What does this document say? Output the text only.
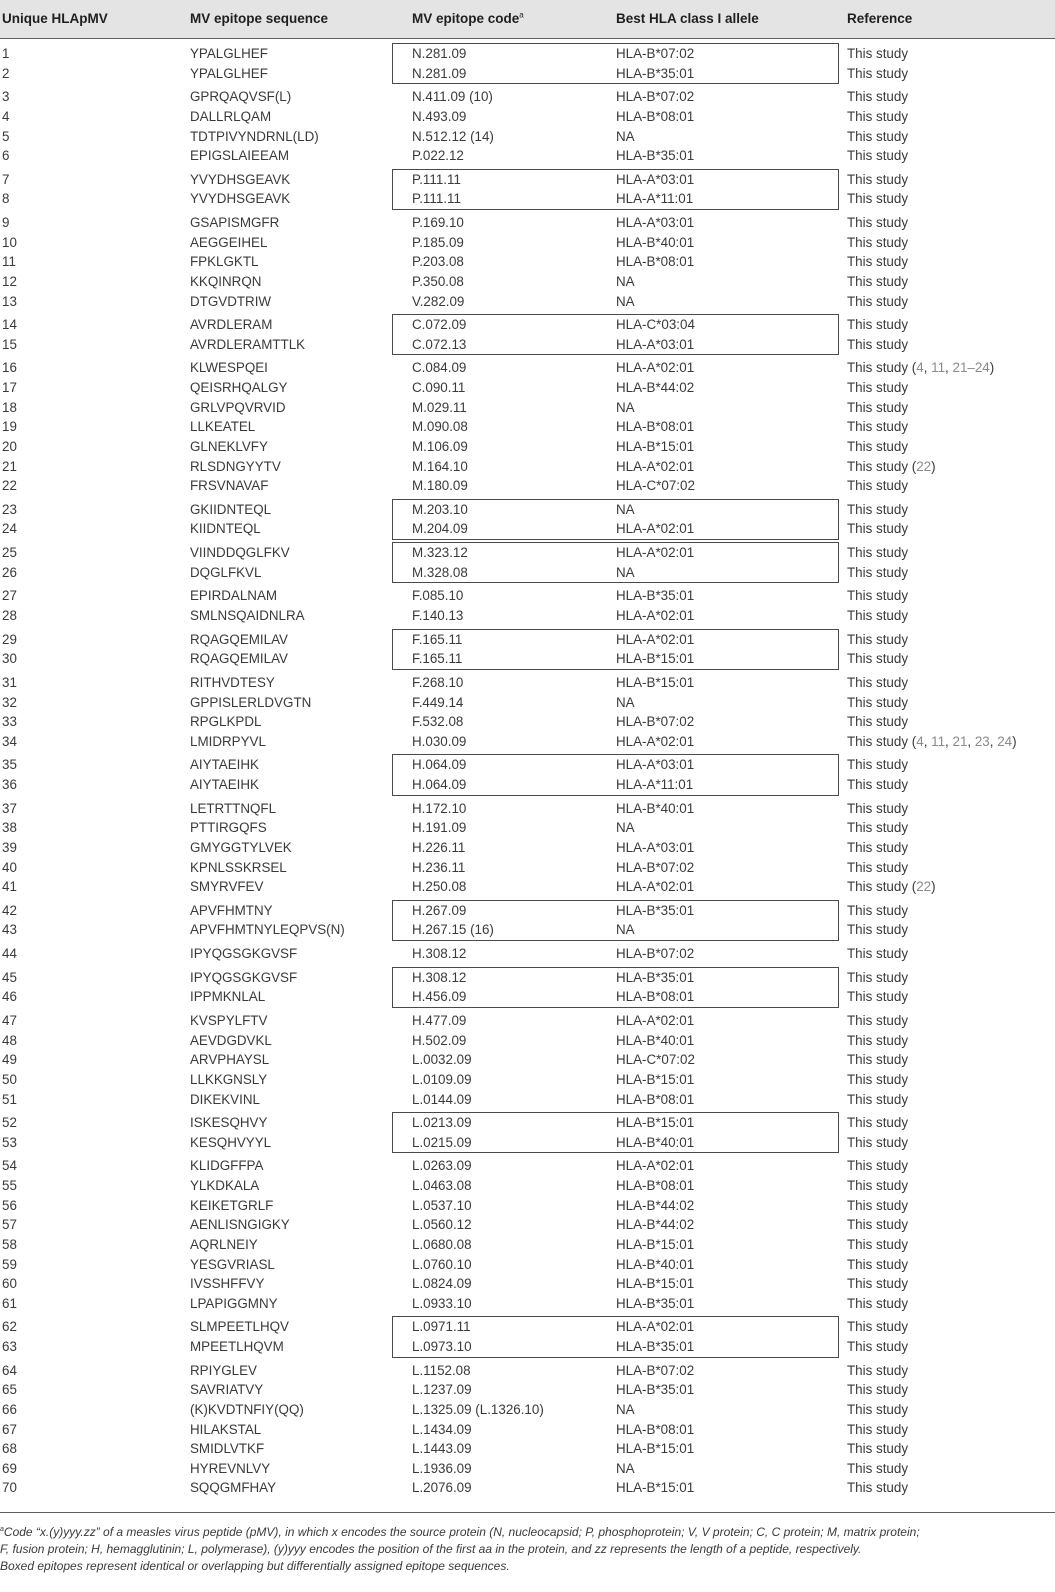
Unique HLApMV	MV epitope sequence	MV epitope code$^a$	Best HLA class I allele	Reference
1	YPALGLHEF	N.281.09	HLA-B*07:02	This study
2	YPALGLHEF	N.281.09	HLA-B*35:01	This study
3	GPRQAQVSF(L)	N.411.09 (10)	HLA-B*07:02	This study
4	DALLRLQAM	N.493.09	HLA-B*08:01	This study
5	TDTPIVYNDRNL(LD)	N.512.12 (14)	NA	This study
6	EPIGSLAIEEAM	P.022.12	HLA-B*35:01	This study
7	YVYDHSGEAVK	P.111.11	HLA-A*03:01	This study
8	YVYDHSGEAVK	P.111.11	HLA-A*11:01	This study
9	GSAPISMGFR	P.169.10	HLA-A*03:01	This study
10	AEGGEIHEL	P.185.09	HLA-B*40:01	This study
11	FPKLGKTL	P.203.08	HLA-B*08:01	This study
12	KKQINRQN	P.350.08	NA	This study
13	DTGVDTRIW	V.282.09	NA	This study
14	AVRDLERAM	C.072.09	HLA-C*03:04	This study
15	AVRDLERAMTTLK	C.072.13	HLA-A*03:01	This study
16	KLWESPQEI	C.084.09	HLA-A*02:01	This study (4, 11, 21–24)
17	QEISRHQALGY	C.090.11	HLA-B*44:02	This study
18	GRLVPQVRVID	M.029.11	NA	This study
19	LLKEATEL	M.090.08	HLA-B*08:01	This study
20	GLNEKLVFY	M.106.09	HLA-B*15:01	This study
21	RLSDNGYYTV	M.164.10	HLA-A*02:01	This study (22)
22	FRSVNAVAF	M.180.09	HLA-C*07:02	This study
23	GKIIDNTEQL	M.203.10	NA	This study
24	KIIDNTEQL	M.204.09	HLA-A*02:01	This study
25	VIINDDQGLFKV	M.323.12	HLA-A*02:01	This study
26	DQGLFKVL	M.328.08	NA	This study
27	EPIRDALNAM	F.085.10	HLA-B*35:01	This study
28	SMLNSQAIDNLRA	F.140.13	HLA-A*02:01	This study
29	RQAGQEMILAV	F.165.11	HLA-A*02:01	This study
30	RQAGQEMILAV	F.165.11	HLA-B*15:01	This study
31	RITHVDTESY	F.268.10	HLA-B*15:01	This study
32	GPPISLERLDVGTN	F.449.14	NA	This study
33	RPGLKPDL	F.532.08	HLA-B*07:02	This study
34	LMIDRPYVL	H.030.09	HLA-A*02:01	This study (4, 11, 21, 23, 24)
35	AIYTAEIHK	H.064.09	HLA-A*03:01	This study
36	AIYTAEIHK	H.064.09	HLA-A*11:01	This study
37	LETRTTNQFL	H.172.10	HLA-B*40:01	This study
38	PTTIRGQFS	H.191.09	NA	This study
39	GMYGGTYLVEK	H.226.11	HLA-A*03:01	This study
40	KPNLSSKRSEL	H.236.11	HLA-B*07:02	This study
41	SMYRVFEV	H.250.08	HLA-A*02:01	This study (22)
42	APVFHMTNY	H.267.09	HLA-B*35:01	This study
43	APVFHMTNYLEQPVS(N)	H.267.15 (16)	NA	This study
44	IPYQGSGKGVSF	H.308.12	HLA-B*07:02	This study
45	IPYQGSGKGVSF	H.308.12	HLA-B*35:01	This study
46	IPPMKNLAL	H.456.09	HLA-B*08:01	This study
47	KVSPYLFTV	H.477.09	HLA-A*02:01	This study
48	AEVDGDVKL	H.502.09	HLA-B*40:01	This study
49	ARVPHAYSL	L.0032.09	HLA-C*07:02	This study
50	LLKKGNSLY	L.0109.09	HLA-B*15:01	This study
51	DIKEKVINL	L.0144.09	HLA-B*08:01	This study
52	ISKESQHVY	L.0213.09	HLA-B*15:01	This study
53	KESQHVYYL	L.0215.09	HLA-B*40:01	This study
54	KLIDGFFPA	L.0263.09	HLA-A*02:01	This study
55	YLKDKALA	L.0463.08	HLA-B*08:01	This study
56	KEIKETGRLF	L.0537.10	HLA-B*44:02	This study
57	AENLISNGIGKY	L.0560.12	HLA-B*44:02	This study
58	AQRLNEIY	L.0680.08	HLA-B*15:01	This study
59	YESGVRIASL	L.0760.10	HLA-B*40:01	This study
60	IVSSHFFVY	L.0824.09	HLA-B*15:01	This study
61	LPAPIGGMNY	L.0933.10	HLA-B*35:01	This study
62	SLMPEETLHQV	L.0971.11	HLA-A*02:01	This study
63	MPEETLHQVM	L.0973.10	HLA-B*35:01	This study
64	RPIYGLEV	L.1152.08	HLA-B*07:02	This study
65	SAVRIATVY	L.1237.09	HLA-B*35:01	This study
66	(K)KVDTNFIY(QQ)	L.1325.09 (L.1326.10)	NA	This study
67	HILAKSTAL	L.1434.09	HLA-B*08:01	This study
68	SMIDLVTKF	L.1443.09	HLA-B*15:01	This study
69	HYREVNLVY	L.1936.09	NA	This study
70	SQQGMFHAY	L.2076.09	HLA-B*15:01	This study
$^a$Code “x.(y)yyy.zz” of a measles virus peptide (pMV), in which x encodes the source protein (N, nucleocapsid; P, phosphoprotein; V, V protein; C, C protein; M, matrix protein;
F, fusion protein; H, hemagglutinin; L, polymerase), (y)yyy encodes the position of the first aa in the protein, and zz represents the length of a peptide, respectively.
Boxed epitopes represent identical or overlapping but differentially assigned epitope sequences.
